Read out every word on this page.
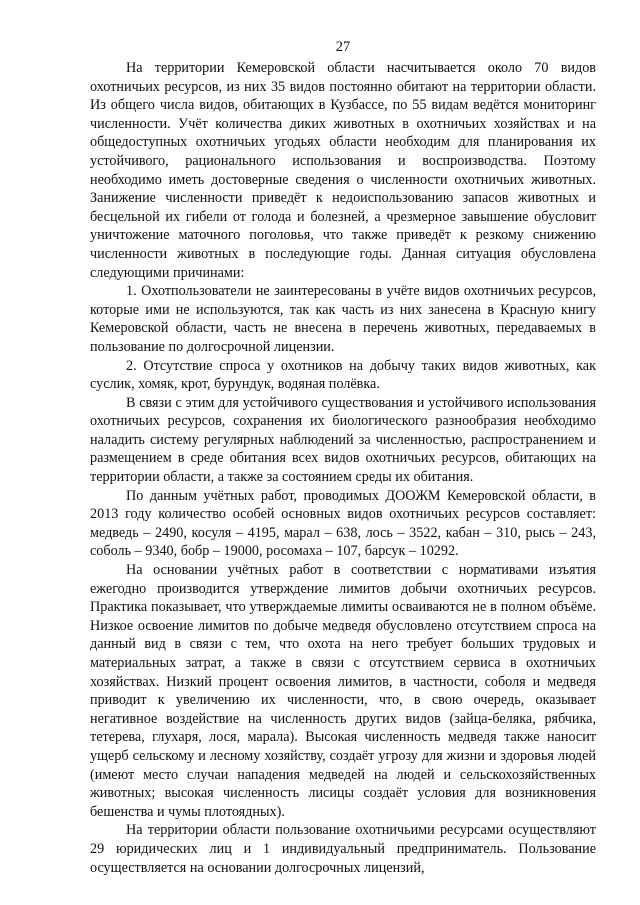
27

На территории Кемеровской области насчитывается около 70 видов охотничьих ресурсов, из них 35 видов постоянно обитают на территории области. Из общего числа видов, обитающих в Кузбассе, по 55 видам ведётся мониторинг численности. Учёт количества диких животных в охотничьих хозяйствах и на общедоступных охотничьих угодьях области необходим для планирования их устойчивого, рационального использования и воспроизводства. Поэтому необходимо иметь достоверные сведения о численности охотничьих животных. Занижение численности приведёт к недоиспользованию запасов животных и бесцельной их гибели от голода и болезней, а чрезмерное завышение обусловит уничтожение маточного поголовья, что также приведёт к резкому снижению численности животных в последующие годы. Данная ситуация обусловлена следующими причинами:

1. Охотпользователи не заинтересованы в учёте видов охотничьих ресурсов, которые ими не используются, так как часть из них занесена в Красную книгу Кемеровской области, часть не внесена в перечень животных, передаваемых в пользование по долгосрочной лицензии.

2. Отсутствие спроса у охотников на добычу таких видов животных, как суслик, хомяк, крот, бурундук, водяная полёвка.

В связи с этим для устойчивого существования и устойчивого использования охотничьих ресурсов, сохранения их биологического разнообразия необходимо наладить систему регулярных наблюдений за численностью, распространением и размещением в среде обитания всех видов охотничьих ресурсов, обитающих на территории области, а также за состоянием среды их обитания.

По данным учётных работ, проводимых ДООЖМ Кемеровской области, в 2013 году количество особей основных видов охотничьих ресурсов составляет: медведь – 2490, косуля – 4195, марал – 638, лось – 3522, кабан – 310, рысь – 243, соболь – 9340, бобр – 19000, росомаха – 107, барсук – 10292.

На основании учётных работ в соответствии с нормативами изъятия ежегодно производится утверждение лимитов добычи охотничьих ресурсов. Практика показывает, что утверждаемые лимиты осваиваются не в полном объёме. Низкое освоение лимитов по добыче медведя обусловлено отсутствием спроса на данный вид в связи с тем, что охота на него требует больших трудовых и материальных затрат, а также в связи с отсутствием сервиса в охотничьих хозяйствах. Низкий процент освоения лимитов, в частности, соболя и медведя приводит к увеличению их численности, что, в свою очередь, оказывает негативное воздействие на численность других видов (зайца-беляка, рябчика, тетерева, глухаря, лося, марала). Высокая численность медведя также наносит ущерб сельскому и лесному хозяйству, создаёт угрозу для жизни и здоровья людей (имеют место случаи нападения медведей на людей и сельскохозяйственных животных; высокая численность лисицы создаёт условия для возникновения бешенства и чумы плотоядных).

На территории области пользование охотничьими ресурсами осуществляют 29 юридических лиц и 1 индивидуальный предприниматель. Пользование осуществляется на основании долгосрочных лицензий,
